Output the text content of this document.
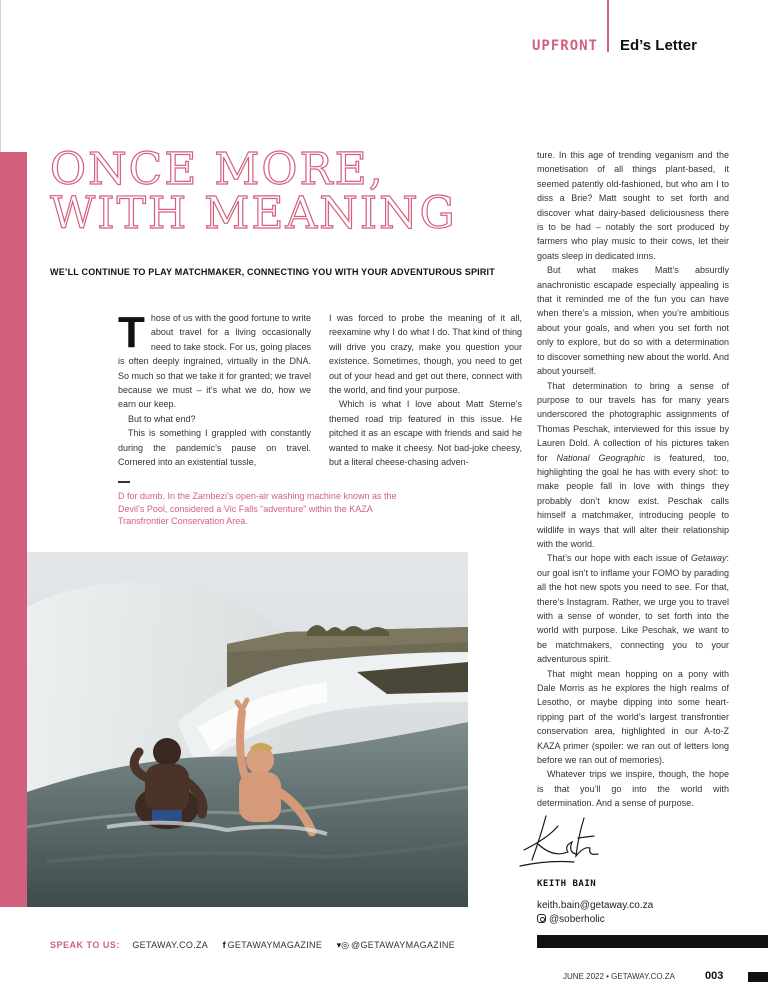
UPFRONT Ed’s Letter
ONCE MORE,
WITH MEANING
WE’LL CONTINUE TO PLAY MATCHMAKER, CONNECTING YOU WITH YOUR ADVENTUROUS SPIRIT

Those of us with the good fortune to write about travel for a living occasionally need to take stock. For us, going places is often deeply ingrained, virtually in the DNA. So much so that we take it for granted; we travel because we must – it’s what we do, how we earn our keep.

But to what end?

This is something I grappled with constantly during the pandemic’s pause on travel. Cornered into an existential tussle,

I was forced to probe the meaning of it all, reexamine why I do what I do. That kind of thing will drive you crazy, make you question your existence. Sometimes, though, you need to get out of your head and get out there, connect with the world, and find your purpose.

Which is what I love about Matt Sterne’s themed road trip featured in this issue. He pitched it as an escape with friends and said he wanted to make it cheesy. Not bad-joke cheesy, but a literal cheese-chasing adven-

ture. In this age of trending veganism and the monetisation of all things plant-based, it seemed patently old-fashioned, but who am I to diss a Brie? Matt sought to set forth and discover what dairy-based deliciousness there is to be had – notably the sort produced by farmers who play music to their cows, let their goats sleep in dedicated inns.

But what makes Matt’s absurdly anachronistic escapade especially appealing is that it reminded me of the fun you can have when there’s a mission, when you’re ambitious about your goals, and when you set forth not only to explore, but do so with a determination to discover something new about the world. And about yourself.

That determination to bring a sense of purpose to our travels has for many years underscored the photographic assignments of Thomas Peschak, interviewed for this issue by Lauren Dold. A collection of his pictures taken for National Geographic is featured, too, highlighting the goal he has with every shot: to make people fall in love with things they probably don’t know exist. Peschak calls himself a matchmaker, introducing people to wildlife in ways that will alter their relationship with the world.

That’s our hope with each issue of Getaway: our goal isn’t to inflame your FOMO by parading all the hot new spots you need to see. For that, there’s Instagram. Rather, we urge you to travel with a sense of wonder, to set forth into the world with purpose. Like Peschak, we want to be matchmakers, connecting you to your adventurous spirit.

That might mean hopping on a pony with Dale Morris as he explores the high realms of Lesotho, or maybe dipping into some heart-ripping part of the world’s largest transfrontier conservation area, highlighted in our A-to-Z KAZA primer (spoiler: we ran out of letters long before we ran out of memories).

Whatever trips we inspire, though, the hope is that you’ll go into the world with determination. And a sense of purpose.

D for dumb. In the Zambezi’s open-air washing machine known as the Devil’s Pool, considered a Vic Falls “adventure” within the KAZA Transfrontier Conservation Area.
KEITH BAIN
keith.bain@getaway.co.za
@soberholic
SPEAK TO US: GETAWAY.CO.ZA f GETAWAYMAGAZINE ▾◎ @GETAWAYMAGAZINE
JUNE 2022 • GETAWAY.CO.ZA	003
